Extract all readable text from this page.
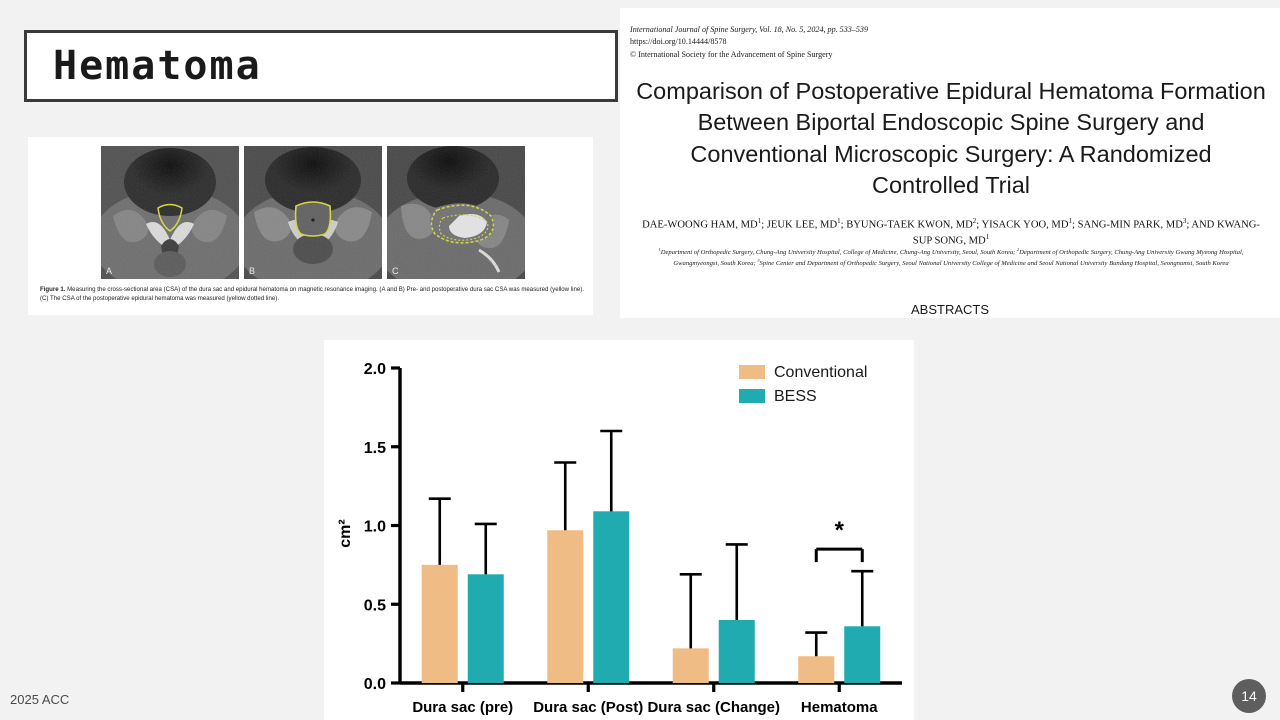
Hematoma
A	B	C
Figure 1. Measuring the cross-sectional area (CSA) of the dura sac and epidural hematoma on magnetic resonance imaging. (A and B) Pre- and postoperative dura sac CSA was measured (yellow line). (C) The CSA of the postoperative epidural hematoma was measured (yellow dotted line).
International Journal of Spine Surgery, Vol. 18, No. 5, 2024, pp. 533–539
https://doi.org/10.14444/8578
© International Society for the Advancement of Spine Surgery
Comparison of Postoperative Epidural Hematoma Formation Between Biportal Endoscopic Spine Surgery and Conventional Microscopic Surgery: A Randomized Controlled Trial
DAE-WOONG HAM, $MD^1$; JEUK LEE, $MD^1$; BYUNG-TAEK KWON, $MD^2$; YISACK YOO, $MD^1$; SANG-MIN PARK, $MD^3$; AND KWANG-SUP SONG, $MD^1$
$^1$Department of Orthopedic Surgery, Chung-Ang University Hospital, College of Medicine, Chung-Ang University, Seoul, South Korea; $^2$Department of Orthopedic Surgery, Chung-Ang University Gwang Myeong Hospital, Gwangmyeongsi, South Korea; $^3$Spine Center and Department of Orthopedic Surgery, Seoul National University College of Medicine and Seoul National University Bundang Hospital, Seongnamsi, South Korea
ABSTRACTS
0.0
0.5
1.0
1.5
2.0
cm²
Dura sac (pre) Dura sac (Post) Dura sac (Change) Hematoma
*
Conventional
BESS
2025 ACC	14
